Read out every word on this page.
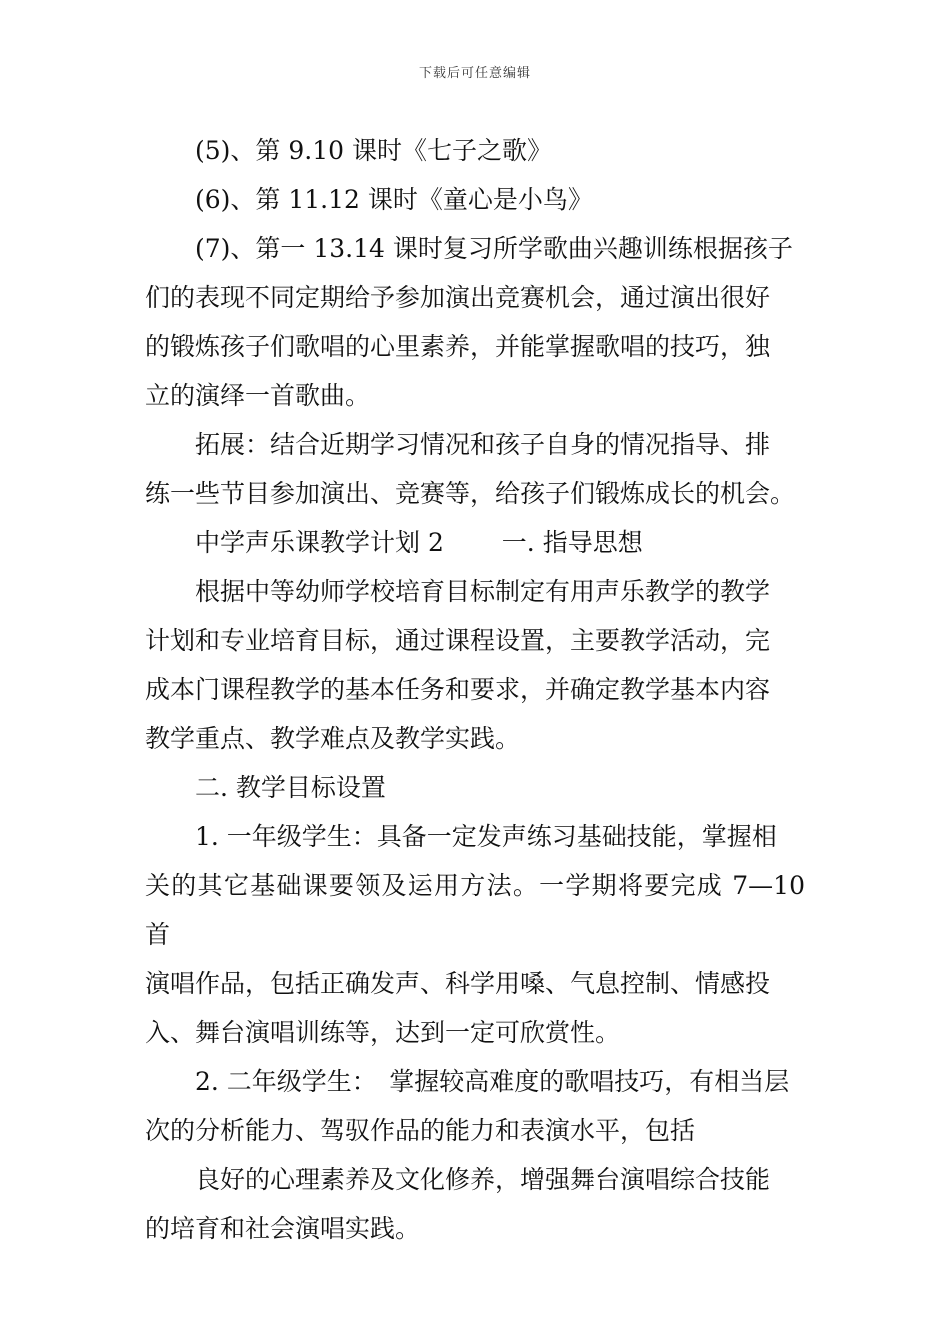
下载后可任意编辑

　　(5)、第 9.10 课时《七子之歌》

　　(6)、第 11.12 课时《童心是小鸟》

　　(7)、第一 13.14 课时复习所学歌曲兴趣训练根据孩子

们的表现不同定期给予参加演出竞赛机会，通过演出很好

的锻炼孩子们歌唱的心里素养，并能掌握歌唱的技巧，独

立的演绎一首歌曲。

　　拓展：结合近期学习情况和孩子自身的情况指导、排

练一些节目参加演出、竞赛等，给孩子们锻炼成长的机会。

　　中学声乐课教学计划 2　　 一. 指导思想

　　根据中等幼师学校培育目标制定有用声乐教学的教学

计划和专业培育目标，通过课程设置，主要教学活动，完

成本门课程教学的基本任务和要求，并确定教学基本内容

教学重点、教学难点及教学实践。

　　二. 教学目标设置

　　1. 一年级学生：具备一定发声练习基础技能，掌握相

关的其它基础课要领及运用方法。一学期将要完成 7—10 首

演唱作品，包括正确发声、科学用嗓、气息控制、情感投

入、舞台演唱训练等，达到一定可欣赏性。

　　2. 二年级学生：　掌握较高难度的歌唱技巧，有相当层

次的分析能力、驾驭作品的能力和表演水平，包括

　　良好的心理素养及文化修养，增强舞台演唱综合技能

的培育和社会演唱实践。
